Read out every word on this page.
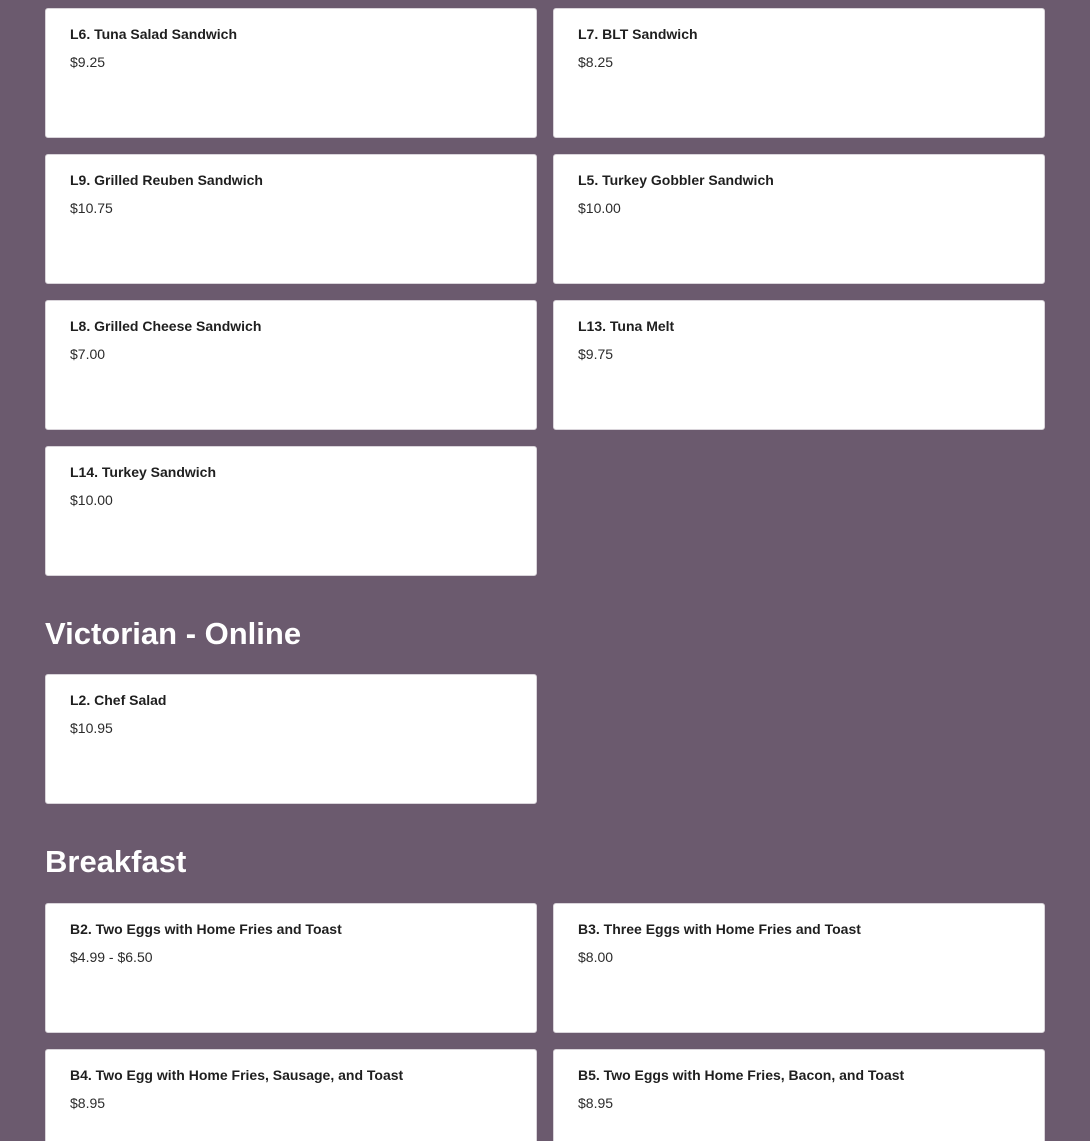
L6. Tuna Salad Sandwich
$9.25
L7. BLT Sandwich
$8.25
L9. Grilled Reuben Sandwich
$10.75
L5. Turkey Gobbler Sandwich
$10.00
L8. Grilled Cheese Sandwich
$7.00
L13. Tuna Melt
$9.75
L14. Turkey Sandwich
$10.00
Victorian - Online
L2. Chef Salad
$10.95
Breakfast
B2. Two Eggs with Home Fries and Toast
$4.99 - $6.50
B3. Three Eggs with Home Fries and Toast
$8.00
B4. Two Egg with Home Fries, Sausage, and Toast
$8.95
B5. Two Eggs with Home Fries, Bacon, and Toast
$8.95
